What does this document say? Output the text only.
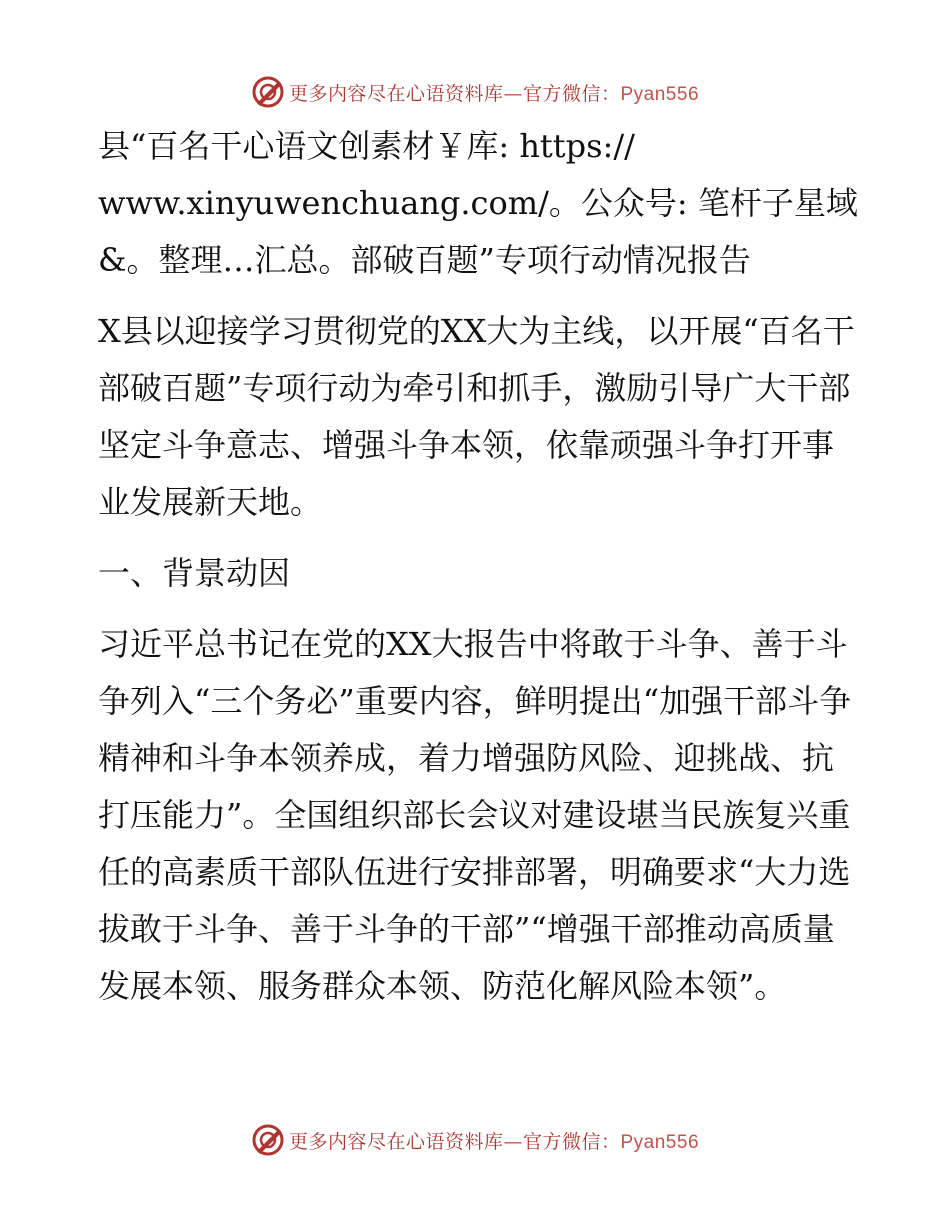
更多内容尽在心语资料库—官方微信：Pyan556

县“百名干心语文创素材￥库: https://
www.xinyuwenchuang.com/。公众号: 笔杆子星域
&。整理…汇总。部破百题”专项行动情况报告

X县以迎接学习贯彻党的XX大为主线，以开展“百名干部破百题”专项行动为牵引和抓手，激励引导广大干部坚定斗争意志、增强斗争本领，依靠顽强斗争打开事业发展新天地。

一、背景动因

习近平总书记在党的XX大报告中将敢于斗争、善于斗争列入“三个务必”重要内容，鲜明提出“加强干部斗争精神和斗争本领养成，着力增强防风险、迎挑战、抗打压能力”。全国组织部长会议对建设堪当民族复兴重任的高素质干部队伍进行安排部署，明确要求“大力选拔敢于斗争、善于斗争的干部”“增强干部推动高质量发展本领、服务群众本领、防范化解风险本领”。

更多内容尽在心语资料库—官方微信：Pyan556
